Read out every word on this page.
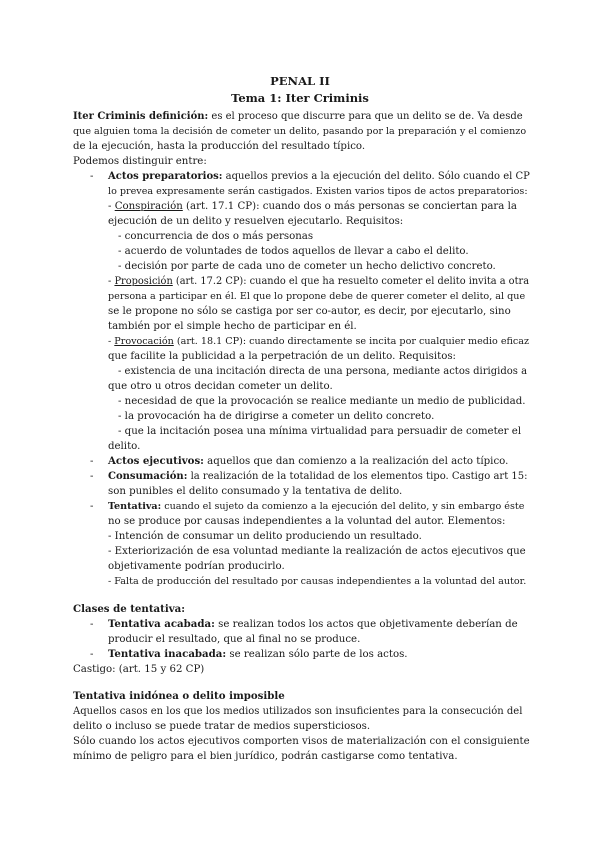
PENAL II
Tema 1: Iter Criminis
Iter Criminis definición: es el proceso que discurre para que un delito se de. Va desde
que alguien toma la decisión de cometer un delito, pasando por la preparación y el comienzo
de la ejecución, hasta la producción del resultado típico.
Podemos distinguir entre:
- Actos preparatorios: aquellos previos a la ejecución del delito. Sólo cuando el CP
lo prevea expresamente serán castigados. Existen varios tipos de actos preparatorios:
- Conspiración (art. 17.1 CP): cuando dos o más personas se conciertan para la
ejecución de un delito y resuelven ejecutarlo. Requisitos:
- concurrencia de dos o más personas
- acuerdo de voluntades de todos aquellos de llevar a cabo el delito.
- decisión por parte de cada uno de cometer un hecho delictivo concreto.
- Proposición (art. 17.2 CP): cuando el que ha resuelto cometer el delito invita a otra
persona a participar en él. El que lo propone debe de querer cometer el delito, al que
se le propone no sólo se castiga por ser co-autor, es decir, por ejecutarlo, sino
también por el simple hecho de participar en él.
- Provocación (art. 18.1 CP): cuando directamente se incita por cualquier medio eficaz
que facilite la publicidad a la perpetración de un delito. Requisitos:
- existencia de una incitación directa de una persona, mediante actos dirigidos a
que otro u otros decidan cometer un delito.
- necesidad de que la provocación se realice mediante un medio de publicidad.
- la provocación ha de dirigirse a cometer un delito concreto.
- que la incitación posea una mínima virtualidad para persuadir de cometer el
delito.
- Actos ejecutivos: aquellos que dan comienzo a la realización del acto típico.
- Consumación: la realización de la totalidad de los elementos tipo. Castigo art 15:
son punibles el delito consumado y la tentativa de delito.
- Tentativa: cuando el sujeto da comienzo a la ejecución del delito, y sin embargo éste
no se produce por causas independientes a la voluntad del autor. Elementos:
- Intención de consumar un delito produciendo un resultado.
- Exteriorización de esa voluntad mediante la realización de actos ejecutivos que
objetivamente podrían producirlo.
- Falta de producción del resultado por causas independientes a la voluntad del autor.
Clases de tentativa:
- Tentativa acabada: se realizan todos los actos que objetivamente deberían de
producir el resultado, que al final no se produce.
- Tentativa inacabada: se realizan sólo parte de los actos.
Castigo: (art. 15 y 62 CP)
Tentativa inidónea o delito imposible
Aquellos casos en los que los medios utilizados son insuficientes para la consecución del
delito o incluso se puede tratar de medios supersticiosos.
Sólo cuando los actos ejecutivos comporten visos de materialización con el consiguiente
mínimo de peligro para el bien jurídico, podrán castigarse como tentativa.
